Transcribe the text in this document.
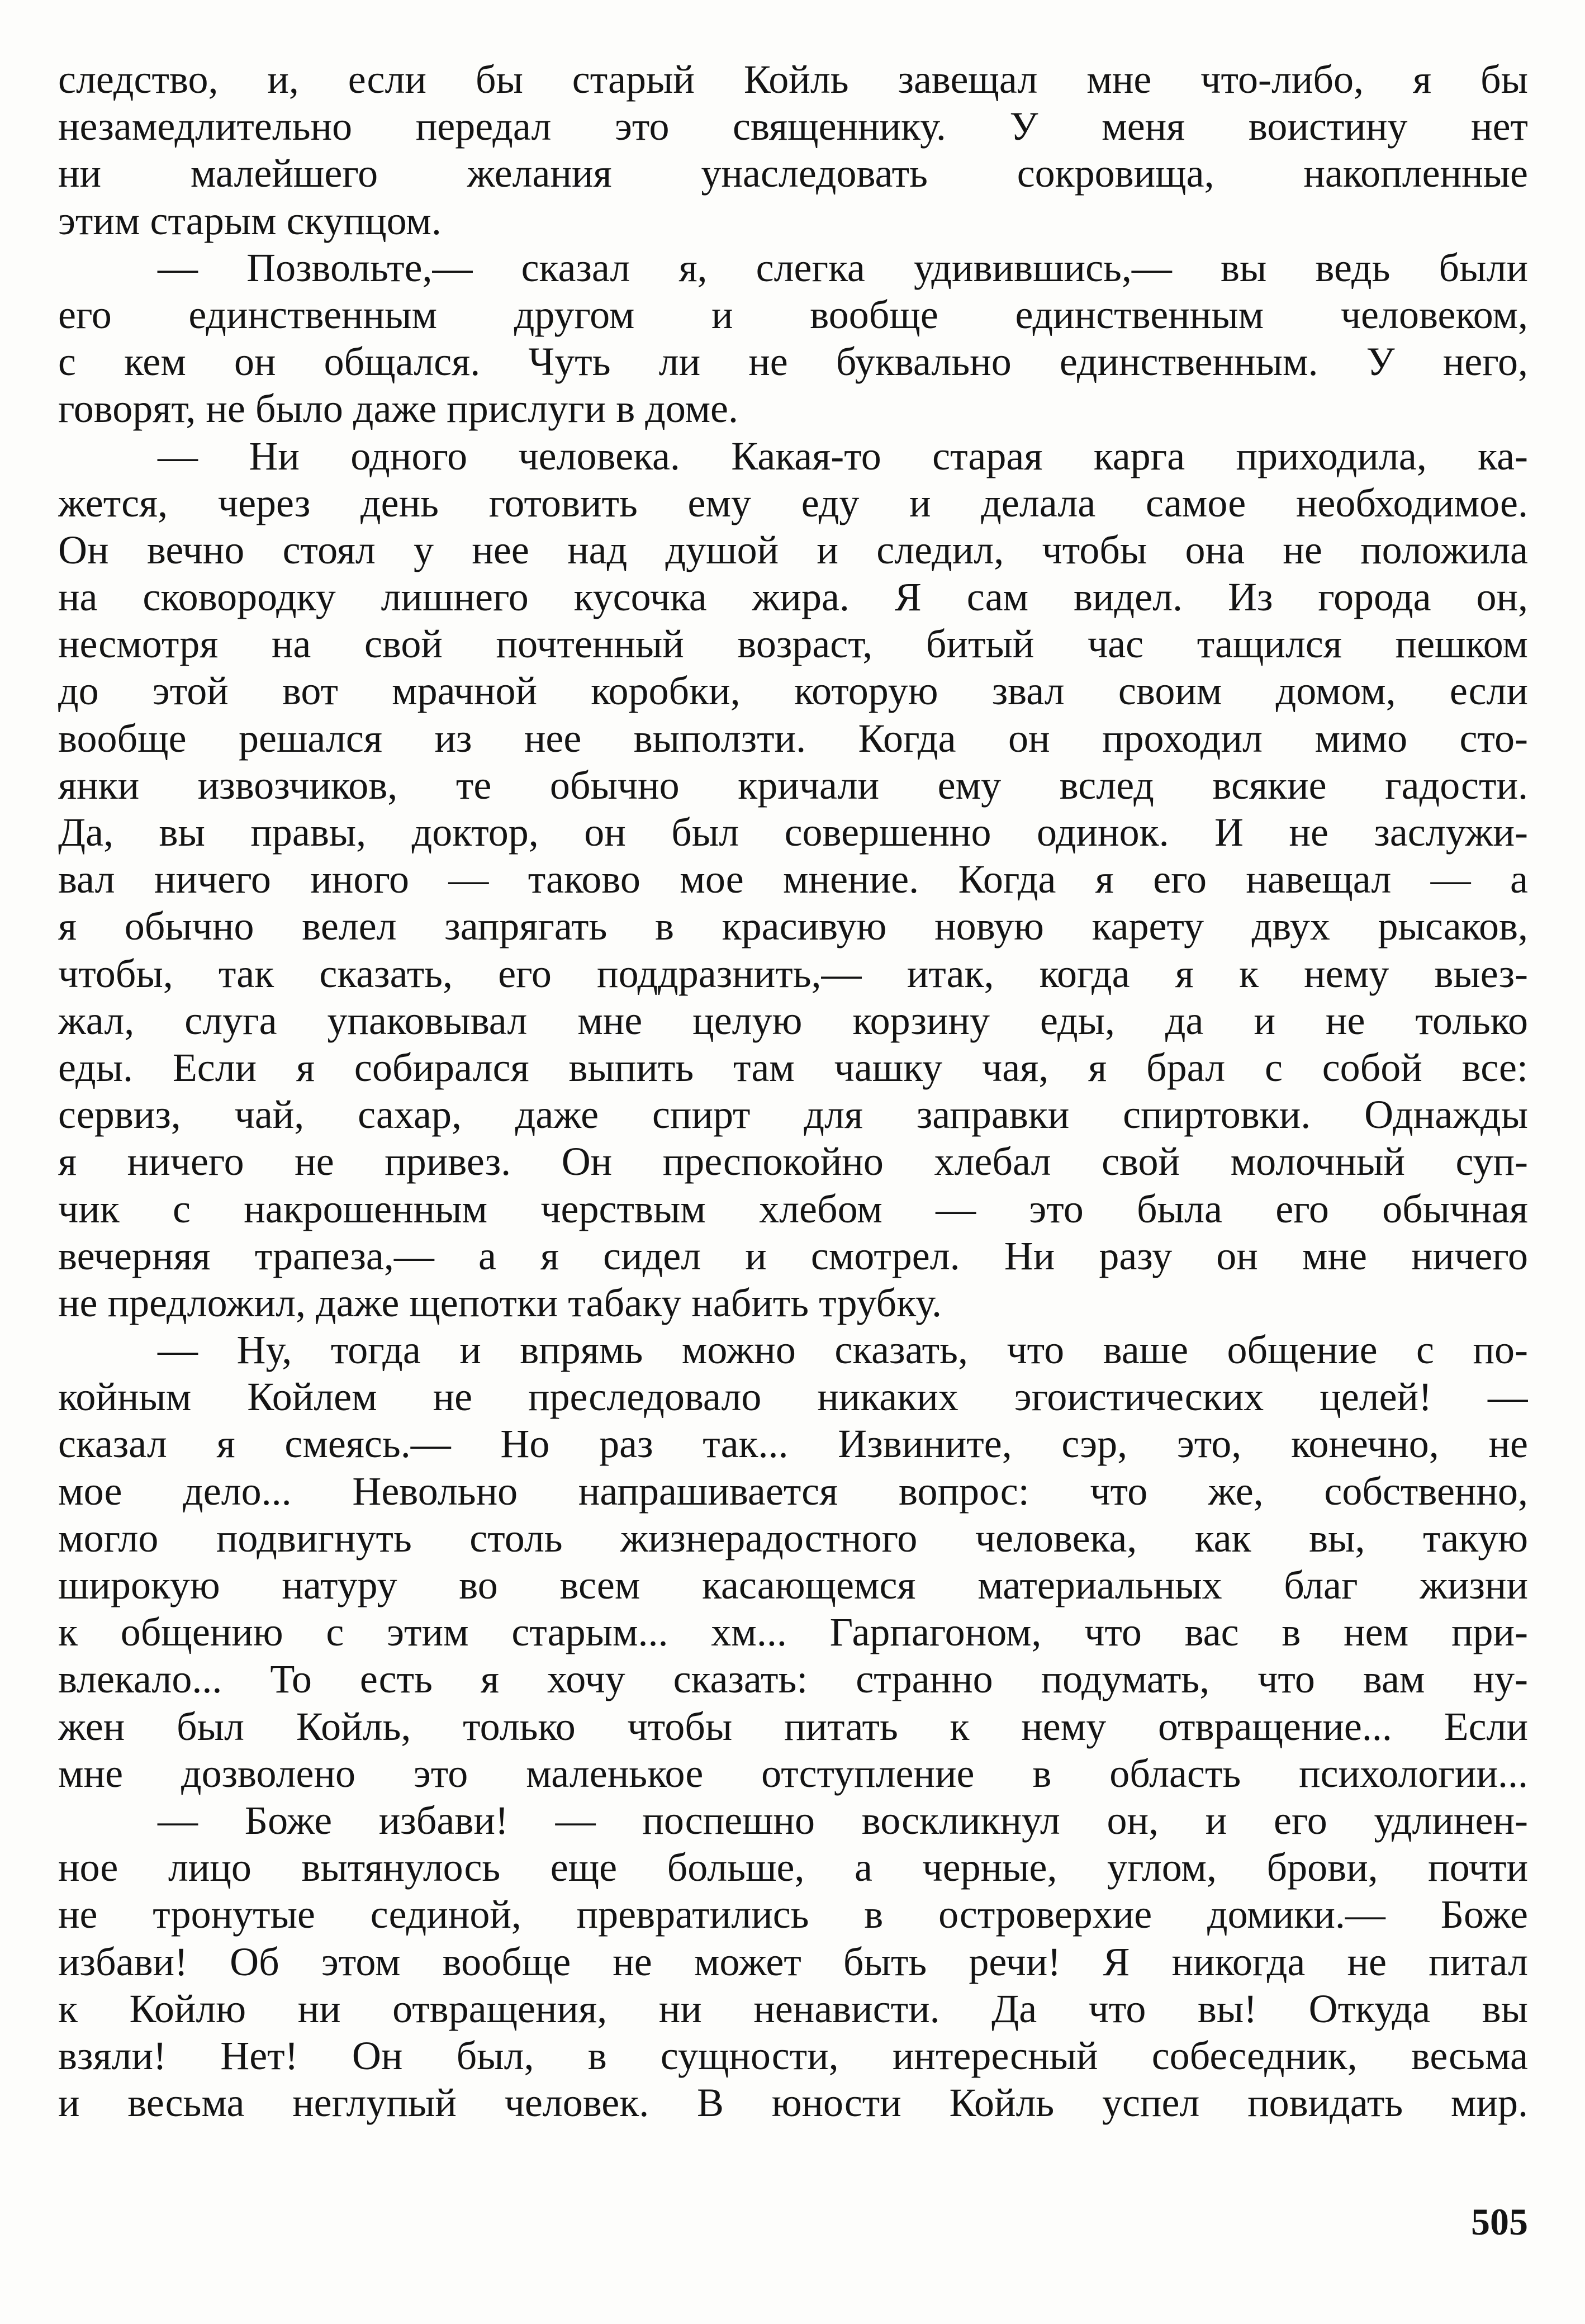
следство, и, если бы старый Койль завещал мне что-либо, я бы
незамедлительно передал это священнику. У меня воистину нет
ни малейшего желания унаследовать сокровища, накопленные
этим старым скупцом.
— Позвольте,— сказал я, слегка удивившись,— вы ведь были
его единственным другом и вообще единственным человеком,
с кем он общался. Чуть ли не буквально единственным. У него,
говорят, не было даже прислуги в доме.
— Ни одного человека. Какая-то старая карга приходила, ка-
жется, через день готовить ему еду и делала самое необходимое.
Он вечно стоял у нее над душой и следил, чтобы она не положила
на сковородку лишнего кусочка жира. Я сам видел. Из города он,
несмотря на свой почтенный возраст, битый час тащился пешком
до этой вот мрачной коробки, которую звал своим домом, если
вообще решался из нее выползти. Когда он проходил мимо сто-
янки извозчиков, те обычно кричали ему вслед всякие гадости.
Да, вы правы, доктор, он был совершенно одинок. И не заслужи-
вал ничего иного — таково мое мнение. Когда я его навещал — а
я обычно велел запрягать в красивую новую карету двух рысаков,
чтобы, так сказать, его поддразнить,— итак, когда я к нему выез-
жал, слуга упаковывал мне целую корзину еды, да и не только
еды. Если я собирался выпить там чашку чая, я брал с собой все:
сервиз, чай, сахар, даже спирт для заправки спиртовки. Однажды
я ничего не привез. Он преспокойно хлебал свой молочный суп-
чик с накрошенным черствым хлебом — это была его обычная
вечерняя трапеза,— а я сидел и смотрел. Ни разу он мне ничего
не предложил, даже щепотки табаку набить трубку.
— Ну, тогда и впрямь можно сказать, что ваше общение с по-
койным Койлем не преследовало никаких эгоистических целей! —
сказал я смеясь.— Но раз так... Извините, сэр, это, конечно, не
мое дело... Невольно напрашивается вопрос: что же, собственно,
могло подвигнуть столь жизнерадостного человека, как вы, такую
широкую натуру во всем касающемся материальных благ жизни
к общению с этим старым... хм... Гарпагоном, что вас в нем при-
влекало... То есть я хочу сказать: странно подумать, что вам ну-
жен был Койль, только чтобы питать к нему отвращение... Если
мне дозволено это маленькое отступление в область психологии...
— Боже избави! — поспешно воскликнул он, и его удлинен-
ное лицо вытянулось еще больше, а черные, углом, брови, почти
не тронутые сединой, превратились в островерхие домики.— Боже
избави! Об этом вообще не может быть речи! Я никогда не питал
к Койлю ни отвращения, ни ненависти. Да что вы! Откуда вы
взяли! Нет! Он был, в сущности, интересный собеседник, весьма
и весьма неглупый человек. В юности Койль успел повидать мир.
505
